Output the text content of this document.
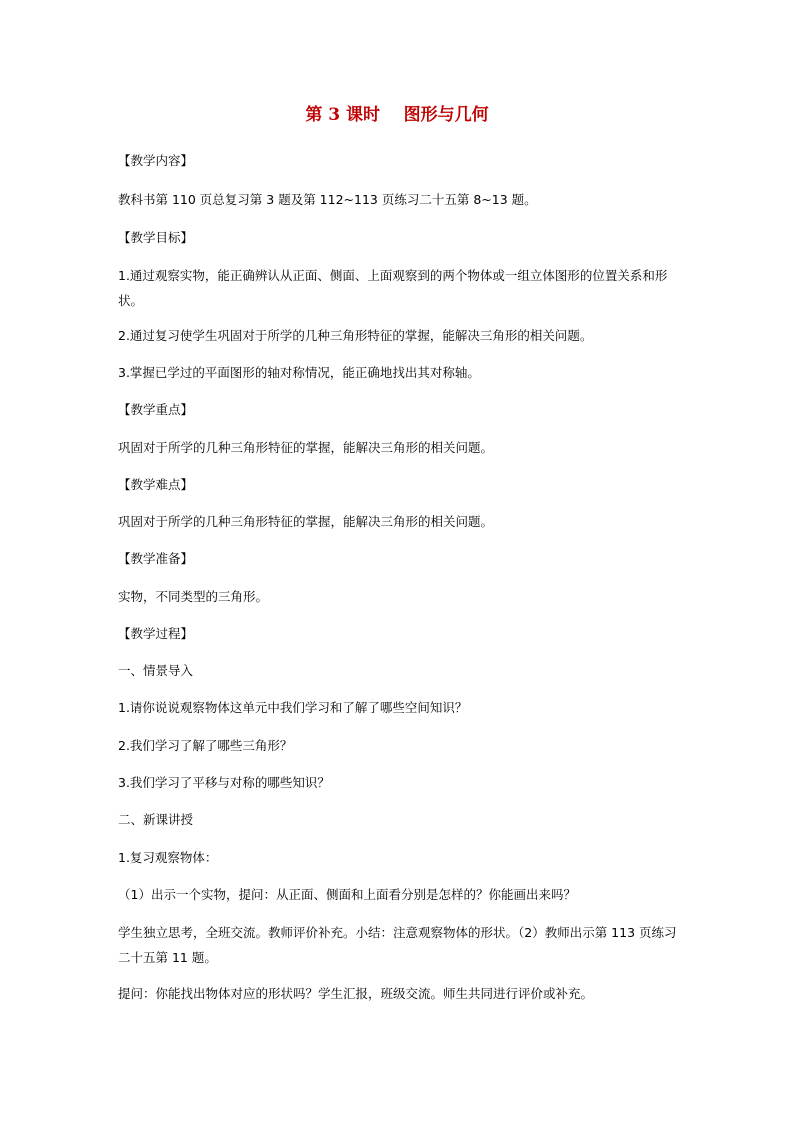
第 3 课时    图形与几何
【教学内容】
教科书第 110 页总复习第 3 题及第 112~113 页练习二十五第 8~13 题。
【教学目标】
1.通过观察实物，能正确辨认从正面、侧面、上面观察到的两个物体或一组立体图形的位置关系和形状。
2.通过复习使学生巩固对于所学的几种三角形特征的掌握，能解决三角形的相关问题。
3.掌握已学过的平面图形的轴对称情况，能正确地找出其对称轴。
【教学重点】
巩固对于所学的几种三角形特征的掌握，能解决三角形的相关问题。
【教学难点】
巩固对于所学的几种三角形特征的掌握，能解决三角形的相关问题。
【教学准备】
实物，不同类型的三角形。
【教学过程】
一、情景导入
1.请你说说观察物体这单元中我们学习和了解了哪些空间知识？
2.我们学习了解了哪些三角形？
3.我们学习了平移与对称的哪些知识？
二、新课讲授
1.复习观察物体：
（1）出示一个实物，提问：从正面、侧面和上面看分别是怎样的？你能画出来吗？
学生独立思考，全班交流。教师评价补充。小结：注意观察物体的形状。（2）教师出示第 113 页练习二十五第 11 题。
提问：你能找出物体对应的形状吗？学生汇报，班级交流。师生共同进行评价或补充。
